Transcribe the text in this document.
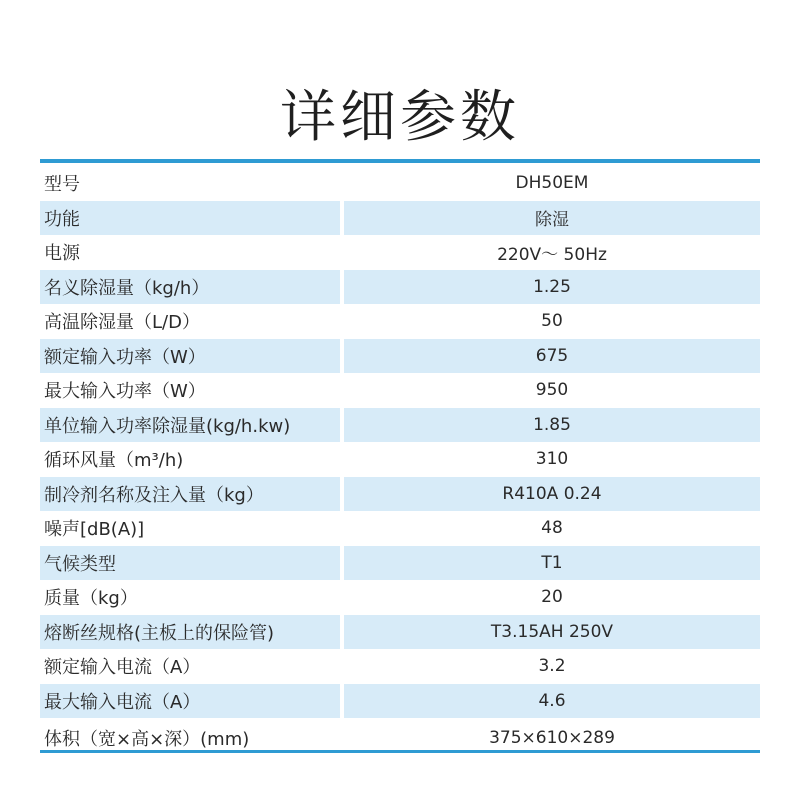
详细参数
型号	DH50EM
功能	除湿
电源	220V～ 50Hz
名义除湿量（kg/h）	1.25
高温除湿量（L/D）	50
额定输入功率（W）	675
最大输入功率（W）	950
单位输入功率除湿量(kg/h.kw)	1.85
循环风量（m³/h)	310
制冷剂名称及注入量（kg）	R410A 0.24
噪声[dB(A)]	48
气候类型	T1
质量（kg）	20
熔断丝规格(主板上的保险管)	T3.15AH 250V
额定输入电流（A）	3.2
最大输入电流（A）	4.6
体积（宽×高×深）(mm)	375×610×289
